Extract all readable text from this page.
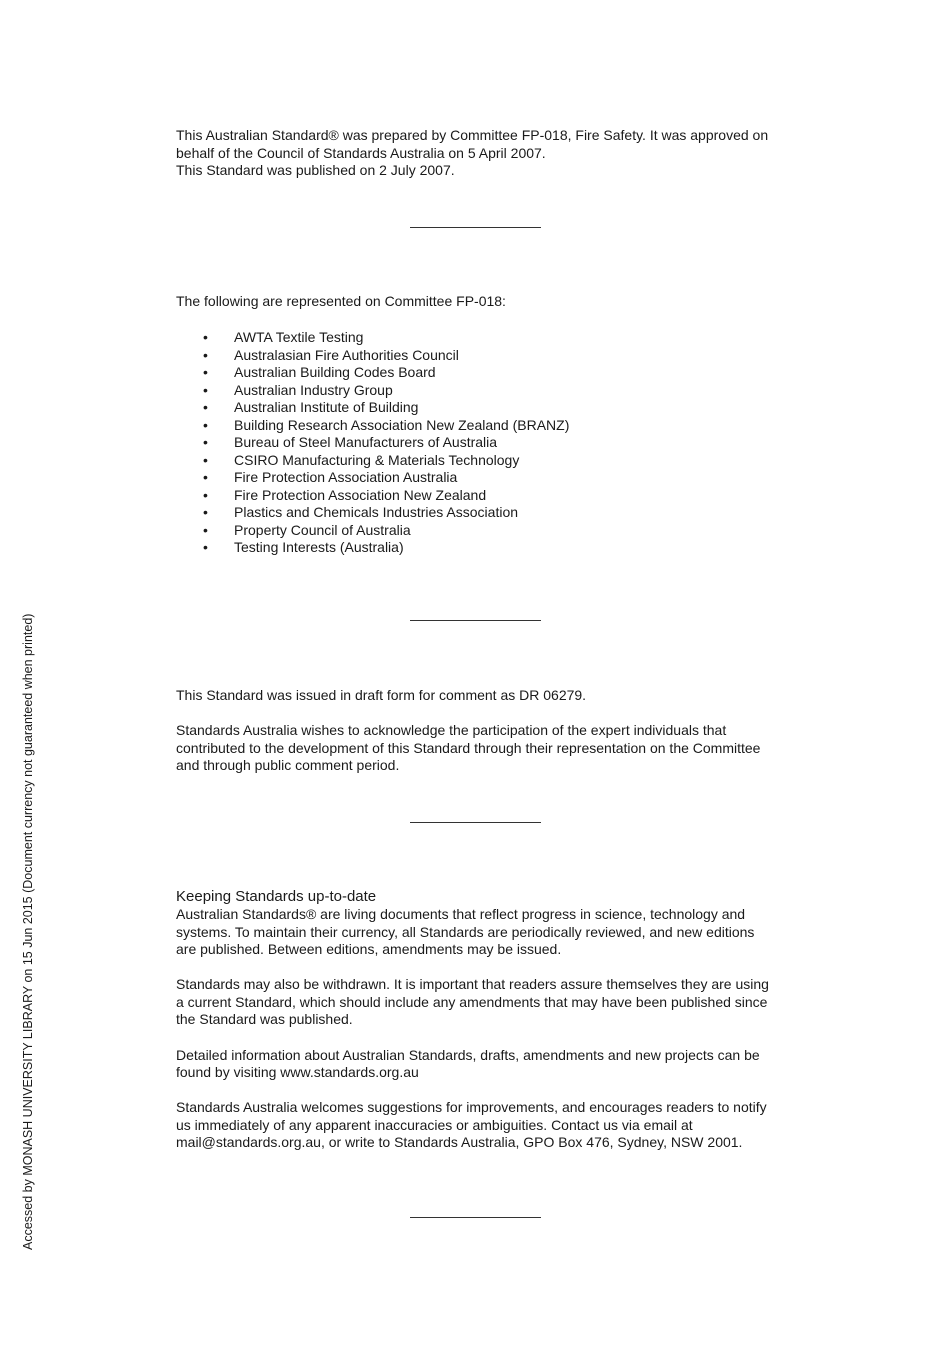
This Australian Standard® was prepared by Committee FP-018, Fire Safety. It was approved on

behalf of the Council of Standards Australia on 5 April 2007.

This Standard was published on 2 July 2007.

The following are represented on Committee FP-018:

• AWTA Textile Testing
• Australasian Fire Authorities Council
• Australian Building Codes Board
• Australian Industry Group
• Australian Institute of Building
• Building Research Association New Zealand (BRANZ)
• Bureau of Steel Manufacturers of Australia
• CSIRO Manufacturing & Materials Technology
• Fire Protection Association Australia
• Fire Protection Association New Zealand
• Plastics and Chemicals Industries Association
• Property Council of Australia
• Testing Interests (Australia)

This Standard was issued in draft form for comment as DR 06279.

Standards Australia wishes to acknowledge the participation of the expert individuals that
contributed to the development of this Standard through their representation on the Committee
and through public comment period.

Keeping Standards up-to-date

Australian Standards® are living documents that reflect progress in science, technology and
systems. To maintain their currency, all Standards are periodically reviewed, and new editions
are published. Between editions, amendments may be issued.

Standards may also be withdrawn. It is important that readers assure themselves they are using
a current Standard, which should include any amendments that may have been published since
the Standard was published.

Detailed information about Australian Standards, drafts, amendments and new projects can be
found by visiting www.standards.org.au

Standards Australia welcomes suggestions for improvements, and encourages readers to notify
us immediately of any apparent inaccuracies or ambiguities. Contact us via email at
mail@standards.org.au, or write to Standards Australia, GPO Box 476, Sydney, NSW 2001.

Accessed by MONASH UNIVERSITY LIBRARY on 15 Jun 2015 (Document currency not guaranteed when printed)
